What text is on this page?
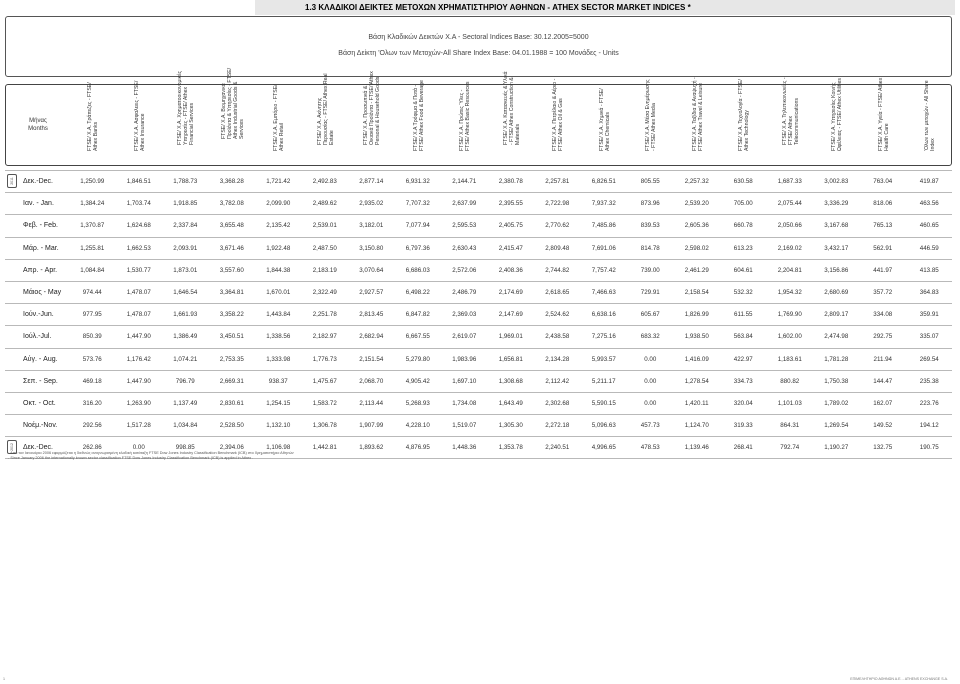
1.3 ΚΛΑΔΙΚΟΙ ΔΕΙΚΤΕΣ ΜΕΤΟΧΩΝ ΧΡΗΜΑΤΙΣΤΗΡΙΟΥ ΑΘΗΝΩΝ - ATHEX SECTOR MARKET INDICES *
Βάση Κλαδικών Δεικτών Χ.Α - Sectoral Indices Base: 30.12.2005=5000
Βάση Δείκτη 'Ολων των Μετοχών-All Share Index Base: 04.01.1988 = 100 Μονάδες - Units
Μήνας
Months	FTSE/ Χ.Α. Τράπεζες - FTSE/ Athex Banks	FTSE/ Χ.Α. Ασφαλειες - FTSE/ Athex Insurance	FTSE/ Χ.Α. Χρηματοοικονομικές Υπηρεσίες - FTSE/ Athex Financial Services	FTSE/ Χ.Α. Βιομηχανικά Προϊόντα & Υπηρεσίες - FTSE/ Athex Industrial Goods & Services	FTSE/ Χ.Α. Εμπόριο - FTSE/ Athex Retail	FTSE/ Χ.Α. Ακίνητης Περιουσίας - FTSE/ Athex Real Estate	FTSE/ Χ.Α. Προσωπικά & Οικιακά Προϊόντα - FTSE/ Athex Personal & Household Goods	FTSE/ Χ.Α Τρόφιμα & Ποτά - FTSE/ Athex Food & Beverage	FTSE/ Χ.Α. Πρώτες Ύλες - FTSE/ Athex Basic Resources	FTSE/ Χ.Α. Κατασκευές & Υλικά - FTSE/ Athex Construction & Materials	FTSE/ Χ.Α. Πετρέλαιο & Αέριο - FTSE/ Athex Oil & Gas	FTSE/ Χ.Α. Χημικά - FTSE/ Athex Chemicals	FTSE/ Χ.Α. Μέσα Ενημέρωσης - FTSE/ Athex Media	FTSE/ Χ.Α. Ταξίδια & Αναψυχή - FTSE/ Athex Travel & Leisure	FTSE/ Χ.Α. Τεχνολογία - FTSE/ Athex Technology	FTSE/ Χ.Α. Τηλεπικοινωνίες - FTSE/ Athex Telecommunications	FTSE/ Χ.Α. Υπηρεσίες Κοινής Ωφέλειας - FTSE/ Athex Utilities	FTSE/ Χ.Α. Υγεία - FTSE/ Athex Health Care	'Ολων των μετοχών - All Share Index
2011 Δεκ.-Dec.	1,250.99	1,846.51	1,788.73	3,368.28	1,721.42	2,492.83	2,877.14	6,931.32	2,144.71	2,380.78	2,257.81	6,826.51	805.55	2,257.32	630.58	1,687.33	3,002.83	763.04	419.87
Ιαν. - Jan.	1,384.24	1,703.74	1,918.85	3,782.08	2,099.90	2,489.62	2,935.02	7,707.32	2,637.99	2,395.55	2,722.98	7,937.32	873.96	2,539.20	705.00	2,075.44	3,336.29	818.06	463.56
Φεβ. - Feb.	1,370.87	1,624.68	2,337.84	3,655.48	2,135.42	2,539.01	3,182.01	7,077.94	2,595.53	2,405.75	2,770.62	7,485.86	839.53	2,605.36	660.78	2,050.66	3,167.68	765.13	460.65
Μάρ. - Mar.	1,255.81	1,662.53	2,093.91	3,671.46	1,922.48	2,487.50	3,150.80	6,797.36	2,630.43	2,415.47	2,809.48	7,691.06	814.78	2,598.02	613.23	2,169.02	3,432.17	562.91	446.59
Απρ. - Apr.	1,084.84	1,530.77	1,873.01	3,557.60	1,844.38	2,183.19	3,070.64	6,686.03	2,572.06	2,408.36	2,744.82	7,757.42	739.00	2,461.29	604.61	2,204.81	3,156.86	441.97	413.85
Μάιος - May	974.44	1,478.07	1,646.54	3,364.81	1,670.01	2,322.49	2,927.57	6,498.22	2,486.79	2,174.69	2,618.65	7,466.63	729.91	2,158.54	532.32	1,954.32	2,680.69	357.72	364.83
Ιούν.-Jun.	977.95	1,478.07	1,661.93	3,358.22	1,443.84	2,251.78	2,813.45	6,847.82	2,369.03	2,147.69	2,524.62	6,638.16	605.67	1,826.99	611.55	1,769.90	2,809.17	334.08	359.91
Ιούλ.-Jul.	850.39	1,447.90	1,386.49	3,450.51	1,338.56	2,182.97	2,682.94	6,667.55	2,619.07	1,969.01	2,438.58	7,275.16	683.32	1,938.50	563.84	1,602.00	2,474.98	292.75	335.07
Αύγ. - Aug.	573.76	1,176.42	1,074.21	2,753.35	1,333.98	1,776.73	2,151.54	5,279.80	1,983.96	1,656.81	2,134.28	5,993.57	0.00	1,416.09	422.97	1,183.61	1,781.28	211.94	269.54
Σεπ. - Sep.	469.18	1,447.90	796.79	2,669.31	938.37	1,475.67	2,068.70	4,905.42	1,697.10	1,308.68	2,112.42	5,211.17	0.00	1,278.54	334.73	880.82	1,750.38	144.47	235.38
Οκτ. - Oct.	316.20	1,263.90	1,137.49	2,830.61	1,254.15	1,583.72	2,113.44	5,268.93	1,734.08	1,643.49	2,302.68	5,590.15	0.00	1,420.11	320.04	1,101.03	1,789.02	162.07	223.76
Νοέμ.-Nov.	292.56	1,517.28	1,034.84	2,528.50	1,132.10	1,306.78	1,907.99	4,228.10	1,519.07	1,305.30	2,272.18	5,096.63	457.73	1,124.70	319.33	864.31	1,269.54	149.52	194.12
2012 Δεκ.-Dec.	262.86	0.00	998.85	2,394.06	1,106.98	1,442.81	1,893.62	4,876.95	1,448.36	1,353.78	2,240.51	4,996.65	478.53	1,139.46	268.41	792.74	1,190.27	132.75	190.75
- Από τον Ιανουάριο 2006 εφαρμόζεται η διεθνώς αναγνωρισμένη κλαδική κατάταξη FTSE Dow Jones Industry Classification Benchmark (ICB) στο Χρηματιστήριο Αθηνών
- Since January 2006 the internationally known sector classification FTSE Dow Jones Industry Classification Benchmark (ICB) is applied in Athex .
1	ΕΠΙΜΕΛΗΤΗΡΙΟ ΑΘΗΝΩΝ Α.Ε. - ATHENS EXCHANGE S.A.
